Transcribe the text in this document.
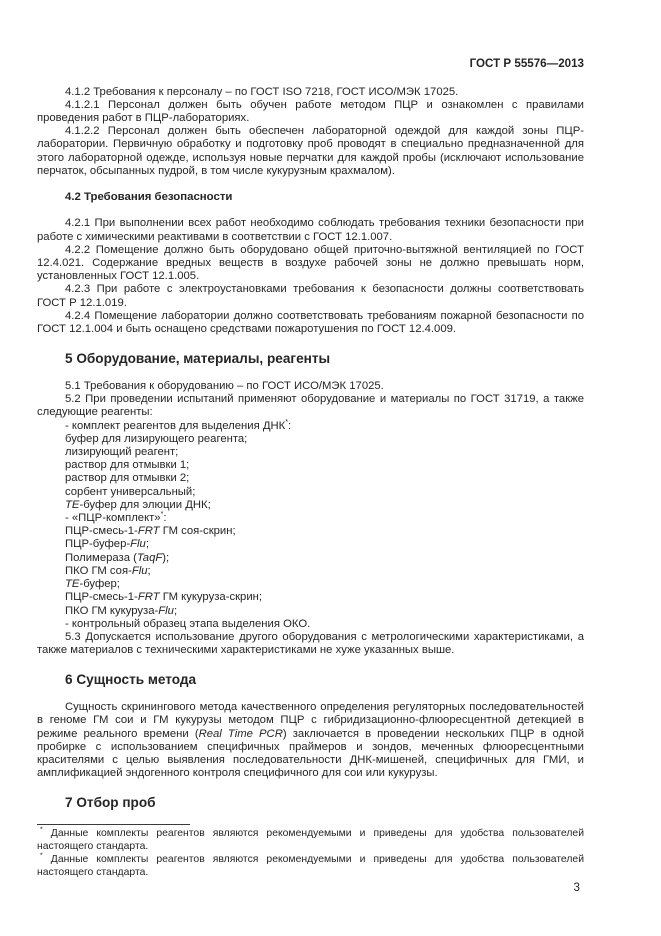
ГОСТ Р 55576—2013

4.1.2 Требования к персоналу – по ГОСТ ISO 7218, ГОСТ ИСО/МЭК 17025.

4.1.2.1 Персонал должен быть обучен работе методом ПЦР и ознакомлен с правилами проведения работ в ПЦР-лабораториях.

4.1.2.2 Персонал должен быть обеспечен лабораторной одеждой для каждой зоны ПЦР-лаборатории. Первичную обработку и подготовку проб проводят в специально предназначенной для этого лабораторной одежде, используя новые перчатки для каждой пробы (исключают использование перчаток, обсыпанных пудрой, в том числе кукурузным крахмалом).

4.2 Требования безопасности

4.2.1 При выполнении всех работ необходимо соблюдать требования техники безопасности при работе с химическими реактивами в соответствии с ГОСТ 12.1.007.

4.2.2 Помещение должно быть оборудовано общей приточно-вытяжной вентиляцией по ГОСТ 12.4.021. Содержание вредных веществ в воздухе рабочей зоны не должно превышать норм, установленных ГОСТ 12.1.005.

4.2.3 При работе с электроустановками требования к безопасности должны соответствовать ГОСТ Р 12.1.019.

4.2.4 Помещение лаборатории должно соответствовать требованиям пожарной безопасности по ГОСТ 12.1.004 и быть оснащено средствами пожаротушения по ГОСТ 12.4.009.

5 Оборудование, материалы, реагенты

5.1 Требования к оборудованию – по ГОСТ ИСО/МЭК 17025.

5.2 При проведении испытаний применяют оборудование и материалы по ГОСТ 31719, а также следующие реагенты:

- комплект реагентов для выделения ДНК*:
буфер для лизирующего реагента;
лизирующий реагент;
раствор для отмывки 1;
раствор для отмывки 2;
сорбент универсальный;
ТЕ-буфер для элюции ДНК;
- «ПЦР-комплект»*:
ПЦР-смесь-1-FRT ГМ соя-скрин;
ПЦР-буфер-Flu;
Полимераза (TaqF);
ПКО ГМ соя-Flu;
ТЕ-буфер;
ПЦР-смесь-1-FRT ГМ кукуруза-скрин;
ПКО ГМ кукуруза-Flu;
- контрольный образец этапа выделения ОКО.

5.3 Допускается использование другого оборудования с метрологическими характеристиками, а также материалов с техническими характеристиками не хуже указанных выше.

6 Сущность метода

Сущность скринингового метода качественного определения регуляторных последовательностей в геноме ГМ сои и ГМ кукурузы методом ПЦР с гибридизационно-флюоресцентной детекцией в режиме реального времени (Real Time PCR) заключается в проведении нескольких ПЦР в одной пробирке с использованием специфичных праймеров и зондов, меченных флюоресцентными красителями с целью выявления последовательности ДНК-мишеней, специфичных для ГМИ, и амплификацией эндогенного контроля специфичного для сои или кукурузы.

7 Отбор проб
* Данные комплекты реагентов являются рекомендуемыми и приведены для удобства пользователей настоящего стандарта.
* Данные комплекты реагентов являются рекомендуемыми и приведены для удобства пользователей настоящего стандарта.
3
